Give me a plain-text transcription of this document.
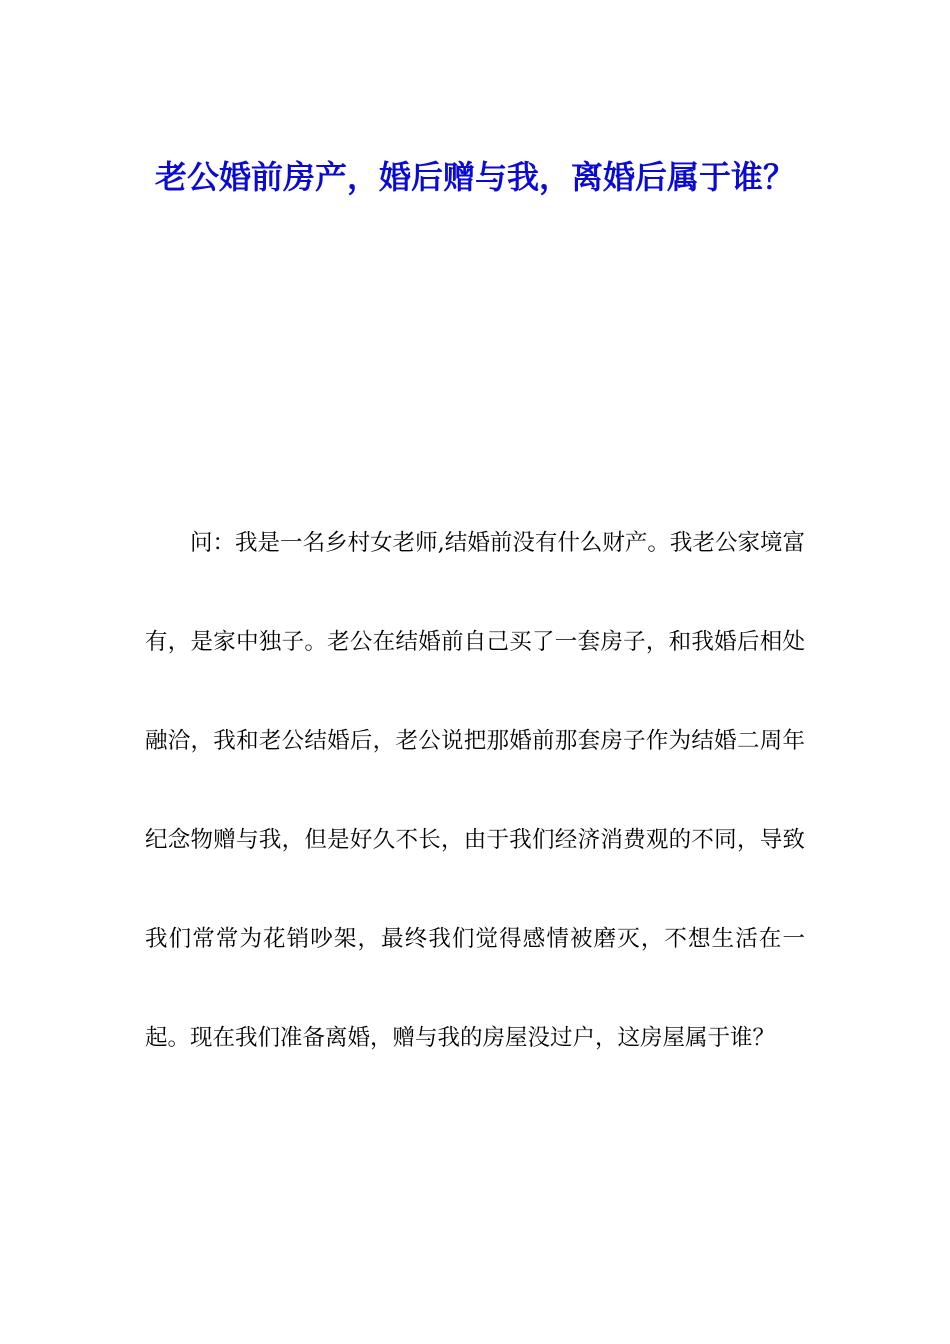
老公婚前房产，婚后赠与我，离婚后属于谁？

问：我是一名乡村女老师,结婚前没有什么财产。我老公家境富有，是家中独子。老公在结婚前自己买了一套房子，和我婚后相处融洽，我和老公结婚后，老公说把那婚前那套房子作为结婚二周年纪念物赠与我，但是好久不长，由于我们经济消费观的不同，导致我们常常为花销吵架，最终我们觉得感情被磨灭，不想生活在一起。现在我们准备离婚，赠与我的房屋没过户，这房屋属于谁？
